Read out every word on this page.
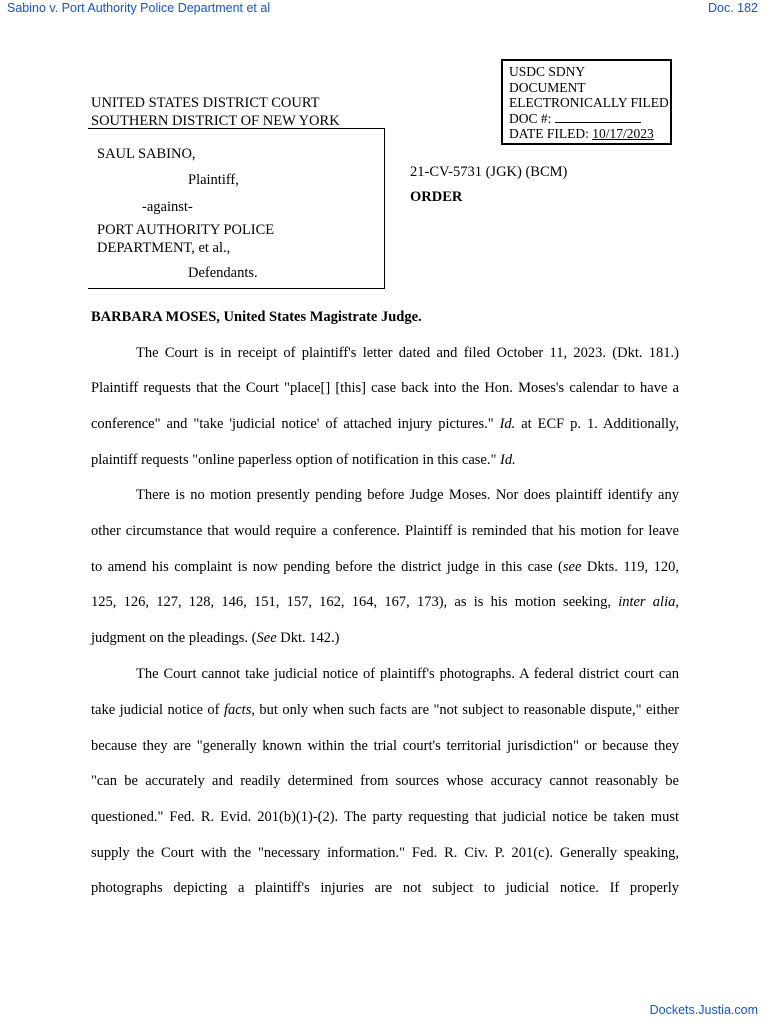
Sabino v. Port Authority Police Department et al	Doc. 182
USDC SDNY
DOCUMENT
ELECTRONICALLY FILED
DOC #:
DATE FILED: 10/17/2023
UNITED STATES DISTRICT COURT
SOUTHERN DISTRICT OF NEW YORK
SAUL SABINO,
Plaintiff,
-against-
PORT AUTHORITY POLICE
DEPARTMENT, et al.,
Defendants.
21-CV-5731 (JGK) (BCM)
ORDER
BARBARA MOSES, United States Magistrate Judge.
The Court is in receipt of plaintiff's letter dated and filed October 11, 2023. (Dkt. 181.)
Plaintiff requests that the Court "place[] [this] case back into the Hon. Moses's calendar to have a
conference" and "take 'judicial notice' of attached injury pictures." Id. at ECF p. 1. Additionally,
plaintiff requests "online paperless option of notification in this case." Id.
There is no motion presently pending before Judge Moses. Nor does plaintiff identify any
other circumstance that would require a conference. Plaintiff is reminded that his motion for leave
to amend his complaint is now pending before the district judge in this case (see Dkts. 119, 120,
125, 126, 127, 128, 146, 151, 157, 162, 164, 167, 173), as is his motion seeking, inter alia,
judgment on the pleadings. (See Dkt. 142.)
The Court cannot take judicial notice of plaintiff's photographs. A federal district court can
take judicial notice of facts, but only when such facts are "not subject to reasonable dispute," either
because they are "generally known within the trial court's territorial jurisdiction" or because they
"can be accurately and readily determined from sources whose accuracy cannot reasonably be
questioned." Fed. R. Evid. 201(b)(1)-(2). The party requesting that judicial notice be taken must
supply the Court with the "necessary information." Fed. R. Civ. P. 201(c). Generally speaking,
photographs depicting a plaintiff's injuries are not subject to judicial notice. If properly
Dockets.Justia.com
